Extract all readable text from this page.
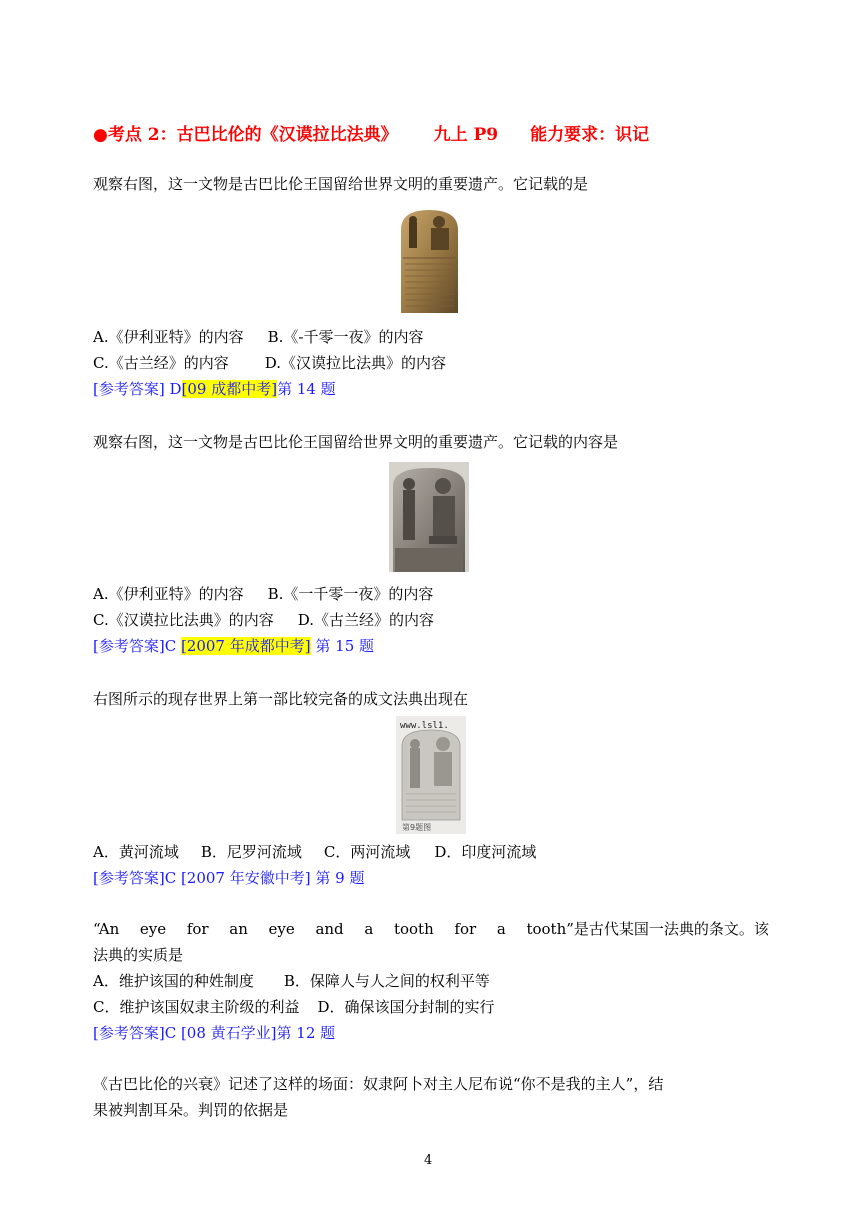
●考点 2：古巴比伦的《汉谟拉比法典》 九上 P9 能力要求：识记
观察右图，这一文物是古巴比伦王国留给世界文明的重要遗产。它记载的是
A.《伊利亚特》的内容 B.《-千零一夜》的内容
C.《古兰经》的内容 D.《汉谟拉比法典》的内容
[参考答案] D[09 成都中考]第 14 题
观察右图，这一文物是古巴比伦王国留给世界文明的重要遗产。它记载的内容是
A.《伊利亚特》的内容 B.《一千零一夜》的内容
C.《汉谟拉比法典》的内容 D.《古兰经》的内容
[参考答案]C [2007 年成都中考] 第 15 题
右图所示的现存世界上第一部比较完备的成文法典出现在
www.lsl1.
第9题图
A．黄河流域 B．尼罗河流域 C．两河流域 D．印度河流域
[参考答案]C [2007 年安徽中考] 第 9 题
“An eye for an eye and a tooth for a tooth”是古代某国一法典的条文。该
法典的实质是
A．维护该国的种姓制度 B．保障人与人之间的权利平等
C．维护该国奴隶主阶级的利益 D．确保该国分封制的实行
[参考答案]C [08 黄石学业]第 12 题
《古巴比伦的兴衰》记述了这样的场面：奴隶阿卜对主人尼布说“你不是我的主人”，结
果被判割耳朵。判罚的依据是
4
